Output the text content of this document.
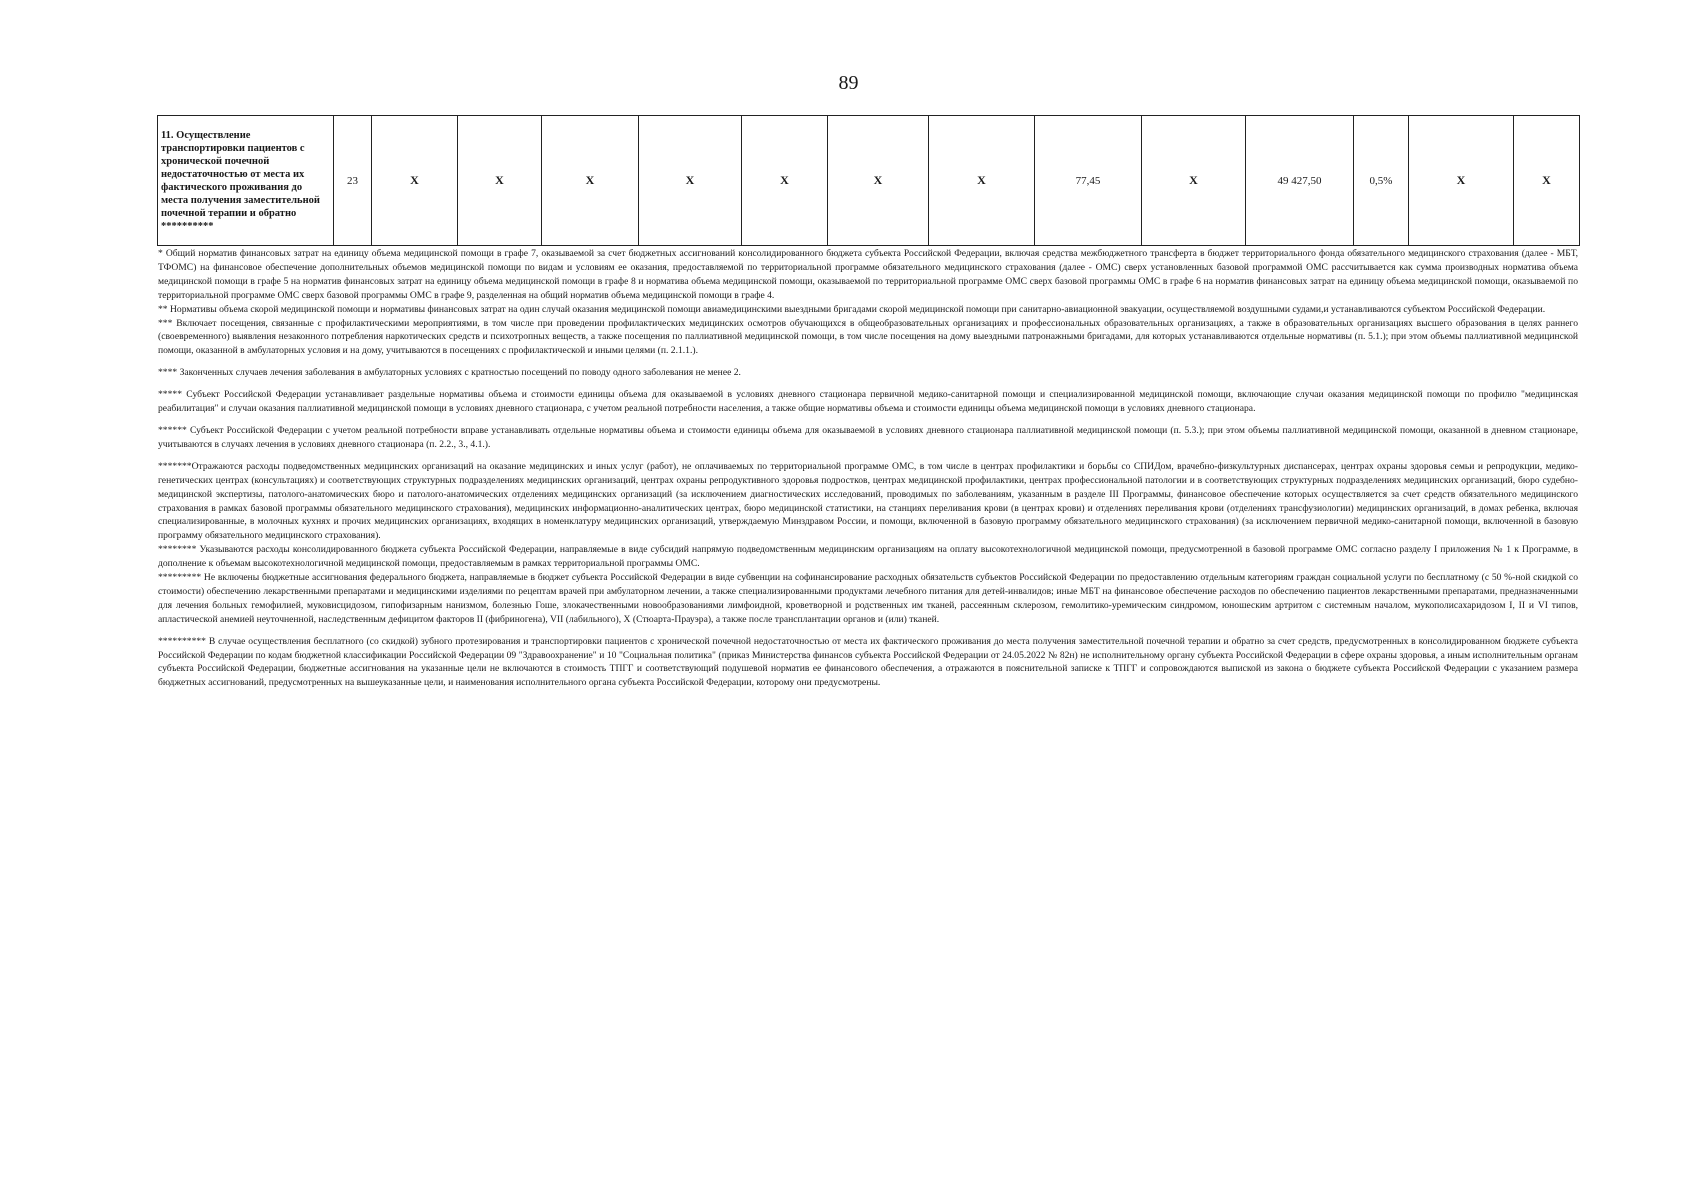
89
11. Осуществление транспортировки пациентов с хронической почечной недостаточностью от места их фактического проживания до места получения заместительной почечной терапии и обратно **********	23	X	X	X	X	X	X	X	77,45	X	49 427,50	0,5%	X	X

* Общий норматив финансовых затрат на единицу объема медицинской помощи в графе 7, оказываемой за счет бюджетных ассигнований консолидированного бюджета субъекта Российской Федерации, включая средства межбюджетного трансферта в бюджет территориального фонда обязательного медицинского страхования (далее - МБТ, ТФОМС) на финансовое обеспечение дополнительных объемов медицинской помощи по видам и условиям ее оказания, предоставляемой по территориальной программе обязательного медицинского страхования (далее - ОМС) сверх установленных базовой программой ОМС рассчитывается как сумма производных норматива объема медицинской помощи в графе 5 на норматив финансовых затрат на единицу объема медицинской помощи в графе 8 и норматива объема медицинской помощи, оказываемой по территориальной программе ОМС сверх базовой программы ОМС в графе 6 на норматив финансовых затрат на единицу объема медицинской помощи, оказываемой по территориальной программе ОМС сверх базовой программы ОМС в графе 9, разделенная на общий норматив объема медицинской помощи в графе 4.

** Нормативы объема скорой медицинской помощи и нормативы финансовых затрат на один случай оказания медицинской помощи авиамедицинскими выездными бригадами скорой медицинской помощи при санитарно-авиационной эвакуации, осуществляемой воздушными судами,и устанавливаются субъектом Российской Федерации.

*** Включает посещения, связанные с профилактическими мероприятиями, в том числе при проведении профилактических медицинских осмотров обучающихся в общеобразовательных организациях и профессиональных образовательных организациях, а также в образовательных организациях высшего образования в целях раннего (своевременного) выявления незаконного потребления наркотических средств и психотропных веществ, а также посещения по паллиативной медицинской помощи, в том числе посещения на дому выездными патронажными бригадами, для которых устанавливаются отдельные нормативы (п. 5.1.); при этом объемы паллиативной медицинской помощи, оказанной в амбулаторных условия и на дому, учитываются в посещениях с профилактической и иными целями (п. 2.1.1.).

**** Законченных случаев лечения заболевания в амбулаторных условиях с кратностью посещений по поводу одного заболевания не менее 2.

***** Субъект Российской Федерации устанавливает раздельные нормативы объема и стоимости единицы объема для оказываемой в условиях дневного стационара первичной медико-санитарной помощи и специализированной медицинской помощи, включающие случаи оказания медицинской помощи по профилю "медицинская реабилитация" и случаи оказания паллиативной медицинской помощи в условиях дневного стационара, с учетом реальной потребности населения, а также общие нормативы объема и стоимости единицы объема медицинской помощи в условиях дневного стационара.

****** Субъект Российской Федерации с учетом реальной потребности вправе устанавливать отдельные нормативы объема и стоимости единицы объема для оказываемой в условиях дневного стационара паллиативной медицинской помощи (п. 5.3.); при этом объемы паллиативной медицинской помощи, оказанной в дневном стационаре, учитываются в случаях лечения в условиях дневного стационара (п. 2.2., 3., 4.1.).

*******Отражаются расходы подведомственных медицинских организаций на оказание медицинских и иных услуг (работ), не оплачиваемых по территориальной программе ОМС, в том числе в центрах профилактики и борьбы со СПИДом, врачебно-физкультурных диспансерах, центрах охраны здоровья семьи и репродукции, медико-генетических центрах (консультациях) и соответствующих структурных подразделениях медицинских организаций, центрах охраны репродуктивного здоровья подростков, центрах медицинской профилактики, центрах профессиональной патологии и в соответствующих структурных подразделениях медицинских организаций, бюро судебно-медицинской экспертизы, патолого-анатомических бюро и патолого-анатомических отделениях медицинских организаций (за исключением диагностических исследований, проводимых по заболеваниям, указанным в разделе III Программы, финансовое обеспечение которых осуществляется за счет средств обязательного медицинского страхования в рамках базовой программы обязательного медицинского страхования), медицинских информационно-аналитических центрах, бюро медицинской статистики, на станциях переливания крови (в центрах крови) и отделениях переливания крови (отделениях трансфузиологии) медицинских организаций, в домах ребенка, включая специализированные, в молочных кухнях и прочих медицинских организациях, входящих в номенклатуру медицинских организаций, утверждаемую Минздравом России, и помощи, включенной в базовую программу обязательного медицинского страхования) (за исключением первичной медико-санитарной помощи, включенной в базовую программу обязательного медицинского страхования).

******** Указываются расходы консолидированного бюджета субъекта Российской Федерации, направляемые в виде субсидий напрямую подведомственным медицинским организациям на оплату высокотехнологичной медицинской помощи, предусмотренной в базовой программе ОМС согласно разделу I приложения № 1 к Программе, в дополнение к объемам высокотехнологичной медицинской помощи, предоставляемым в рамках территориальной программы ОМС.

********* Не включены бюджетные ассигнования федерального бюджета, направляемые в бюджет субъекта Российской Федерации в виде субвенции на софинансирование расходных обязательств субъектов Российской Федерации по предоставлению отдельным категориям граждан социальной услуги по бесплатному (с 50 %-ной скидкой со стоимости) обеспечению лекарственными препаратами и медицинскими изделиями по рецептам врачей при амбулаторном лечении, а также специализированными продуктами лечебного питания для детей-инвалидов; иные МБТ на финансовое обеспечение расходов по обеспечению пациентов лекарственными препаратами, предназначенными для лечения больных гемофилией, муковисцидозом, гипофизарным нанизмом, болезнью Гоше, злокачественными новообразованиями лимфоидной, кроветворной и родственных им тканей, рассеянным склерозом, гемолитико-уремическим синдромом, юношеским артритом с системным началом, мукополисахаридозом I, II и VI типов, апластической анемией неуточненной, наследственным дефицитом факторов II (фибриногена), VII (лабильного), X (Стюарта-Прауэра), а также после трансплантации органов и (или) тканей.

********** В случае осуществления бесплатного (со скидкой) зубного протезирования и транспортировки пациентов с хронической почечной недостаточностью от места их фактического проживания до места получения заместительной почечной терапии и обратно за счет средств, предусмотренных в консолидированном бюджете субъекта Российской Федерации по кодам бюджетной классификации Российской Федерации 09 "Здравоохранение" и 10 "Социальная политика" (приказ Министерства финансов субъекта Российской Федерации от 24.05.2022 № 82н) не исполнительному органу субъекта Российской Федерации в сфере охраны здоровья, а иным исполнительным органам субъекта Российской Федерации, бюджетные ассигнования на указанные цели не включаются в стоимость ТПГГ и соответствующий подушевой норматив ее финансового обеспечения, а отражаются в пояснительной записке к ТПГГ и сопровождаются выпиской из закона о бюджете субъекта Российской Федерации с указанием размера бюджетных ассигнований, предусмотренных на вышеуказанные цели, и наименования исполнительного органа субъекта Российской Федерации, которому они предусмотрены.
